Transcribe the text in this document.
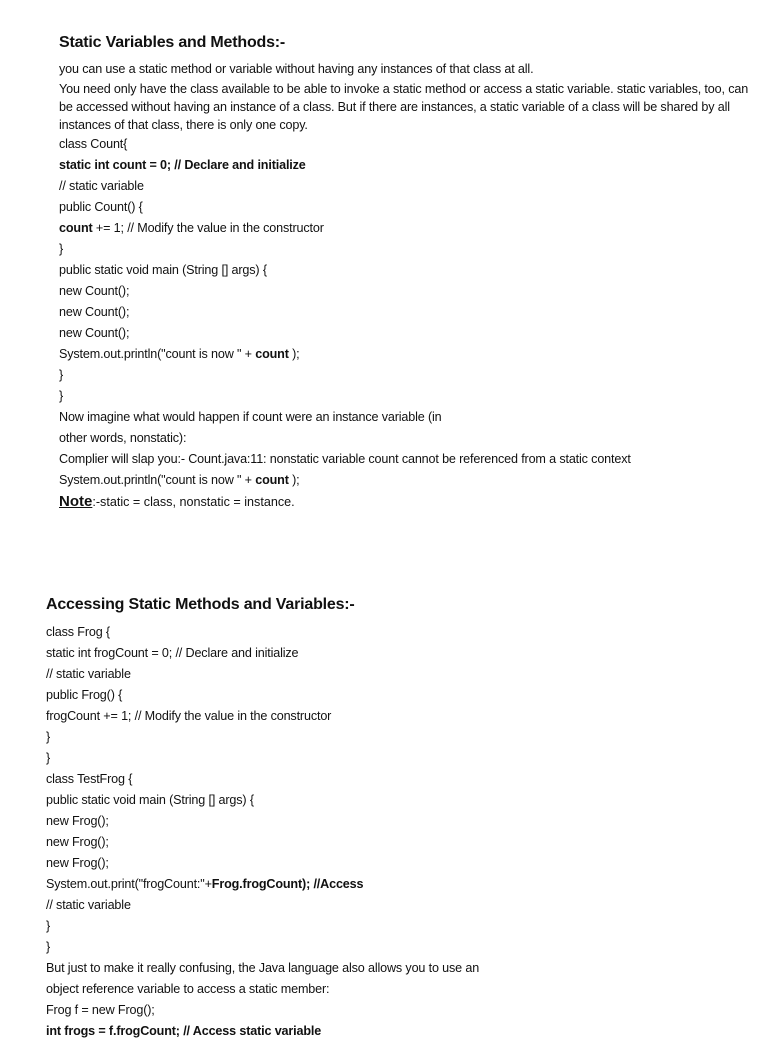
Static Variables and Methods:-
you can use a static method or variable without having any instances of that class at all.
You need only have the class available to be able to invoke a static method or access a static variable. static variables, too, can be accessed without having an instance of a class. But if there are instances, a static variable of a class will be shared by all instances of that class, there is only one copy.
class Count{
static int count = 0; // Declare and initialize
// static variable
public Count() {
count += 1; // Modify the value in the constructor
}
public static void main (String [] args) {
new Count();
new Count();
new Count();
System.out.println("count is now " + count );
}
}
Now imagine what would happen if count were an instance variable (in
other words, nonstatic):
Complier will slap you:- Count.java:11: nonstatic variable count cannot be referenced from a static context
System.out.println("count is now " + count );
Note:-static = class, nonstatic = instance.
Accessing Static Methods and Variables:-
class Frog {
static int frogCount = 0; // Declare and initialize
// static variable
public Frog() {
frogCount += 1; // Modify the value in the constructor
}
}
class TestFrog {
public static void main (String [] args) {
new Frog();
new Frog();
new Frog();
System.out.print("frogCount:"+Frog.frogCount); //Access
// static variable
}
}
But just to make it really confusing, the Java language also allows you to use an
object reference variable to access a static member:
Frog f = new Frog();
int frogs = f.frogCount; // Access static variable
